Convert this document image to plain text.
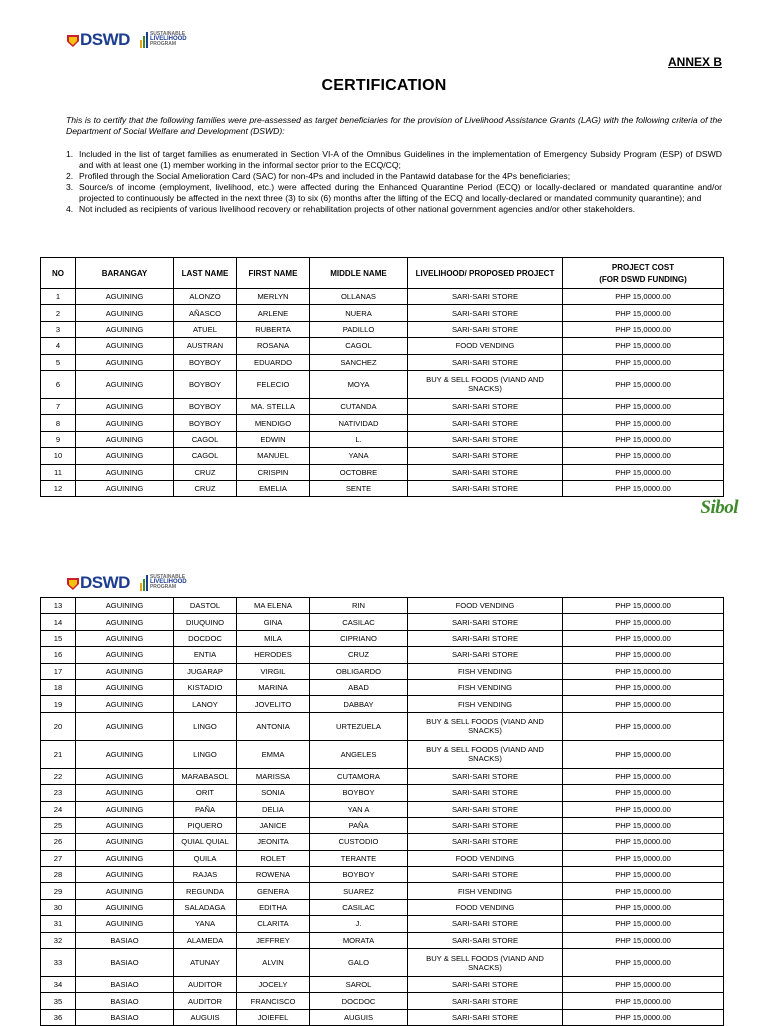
DSWD	SUSTAINABLE
LIVELIHOOD
PROGRAM
ANNEX B
CERTIFICATION
This is to certify that the following families were pre-assessed as target beneficiaries for the provision of Livelihood Assistance Grants (LAG) with the following criteria of the Department of Social Welfare and Development (DSWD):
1. Included in the list of target families as enumerated in Section VI-A of the Omnibus Guidelines in the implementation of Emergency Subsidy Program (ESP) of DSWD and with at least one (1) member working in the informal sector prior to the ECQ/CQ;
2. Profiled through the Social Amelioration Card (SAC) for non-4Ps and included in the Pantawid database for the 4Ps beneficiaries;
3. Source/s of income (employment, livelihood, etc.) were affected during the Enhanced Quarantine Period (ECQ) or locally-declared or mandated quarantine and/or projected to continuously be affected in the next three (3) to six (6) months after the lifting of the ECQ and locally-declared or mandated community quarantine); and
4. Not included as recipients of various livelihood recovery or rehabilitation projects of other national government agencies and/or other stakeholders.
NO	BARANGAY	LAST NAME	FIRST NAME	MIDDLE NAME	LIVELIHOOD/ PROPOSED PROJECT	PROJECT COST
(FOR DSWD FUNDING)

1	AGUINING	ALONZO	MERLYN	OLLANAS	SARI-SARI STORE	PHP 15,0000.00
2	AGUINING	AÑASCO	ARLENE	NUERA	SARI-SARI STORE	PHP 15,0000.00
3	AGUINING	ATUEL	RUBERTA	PADILLO	SARI-SARI STORE	PHP 15,0000.00
4	AGUINING	AUSTRAN	ROSANA	CAGOL	FOOD VENDING	PHP 15,0000.00
5	AGUINING	BOYBOY	EDUARDO	SANCHEZ	SARI-SARI STORE	PHP 15,0000.00
6	AGUINING	BOYBOY	FELECIO	MOYA	BUY & SELL FOODS (VIAND AND SNACKS)	PHP 15,0000.00
7	AGUINING	BOYBOY	MA. STELLA	CUTANDA	SARI-SARI STORE	PHP 15,0000.00
8	AGUINING	BOYBOY	MENDIGO	NATIVIDAD	SARI-SARI STORE	PHP 15,0000.00
9	AGUINING	CAGOL	EDWIN	L.	SARI-SARI STORE	PHP 15,0000.00
10	AGUINING	CAGOL	MANUEL	YANA	SARI-SARI STORE	PHP 15,0000.00
11	AGUINING	CRUZ	CRISPIN	OCTOBRE	SARI-SARI STORE	PHP 15,0000.00
12	AGUINING	CRUZ	EMELIA	SENTE	SARI-SARI STORE	PHP 15,0000.00
Sibol
DSWD	SUSTAINABLE
LIVELIHOOD
PROGRAM
13	AGUINING	DASTOL	MA ELENA	RIN	FOOD VENDING	PHP 15,0000.00
14	AGUINING	DIUQUINO	GINA	CASILAC	SARI-SARI STORE	PHP 15,0000.00
15	AGUINING	DOCDOC	MILA	CIPRIANO	SARI-SARI STORE	PHP 15,0000.00
16	AGUINING	ENTIA	HERODES	CRUZ	SARI-SARI STORE	PHP 15,0000.00
17	AGUINING	JUGARAP	VIRGIL	OBLIGARDO	FISH VENDING	PHP 15,0000.00
18	AGUINING	KISTADIO	MARINA	ABAD	FISH VENDING	PHP 15,0000.00
19	AGUINING	LANOY	JOVELITO	DABBAY	FISH VENDING	PHP 15,0000.00
20	AGUINING	LINGO	ANTONIA	URTEZUELA	BUY & SELL FOODS (VIAND AND SNACKS)	PHP 15,0000.00
21	AGUINING	LINGO	EMMA	ANGELES	BUY & SELL FOODS (VIAND AND SNACKS)	PHP 15,0000.00
22	AGUINING	MARABASOL	MARISSA	CUTAMORA	SARI-SARI STORE	PHP 15,0000.00
23	AGUINING	ORIT	SONIA	BOYBOY	SARI-SARI STORE	PHP 15,0000.00
24	AGUINING	PAÑA	DELIA	YAN A	SARI-SARI STORE	PHP 15,0000.00
25	AGUINING	PIQUERO	JANICE	PAÑA	SARI-SARI STORE	PHP 15,0000.00
26	AGUINING	QUIAL QUIAL	JEONITA	CUSTODIO	SARI-SARI STORE	PHP 15,0000.00
27	AGUINING	QUILA	ROLET	TERANTE	FOOD VENDING	PHP 15,0000.00
28	AGUINING	RAJAS	ROWENA	BOYBOY	SARI-SARI STORE	PHP 15,0000.00
29	AGUINING	REGUNDA	GENERA	SUAREZ	FISH VENDING	PHP 15,0000.00
30	AGUINING	SALADAGA	EDITHA	CASILAC	FOOD VENDING	PHP 15,0000.00
31	AGUINING	YANA	CLARITA	J.	SARI-SARI STORE	PHP 15,0000.00
32	BASIAO	ALAMEDA	JEFFREY	MORATA	SARI-SARI STORE	PHP 15,0000.00
33	BASIAO	ATUNAY	ALVIN	GALO	BUY & SELL FOODS (VIAND AND SNACKS)	PHP 15,0000.00
34	BASIAO	AUDITOR	JOCELY	SAROL	SARI-SARI STORE	PHP 15,0000.00
35	BASIAO	AUDITOR	FRANCISCO	DOCDOC	SARI-SARI STORE	PHP 15,0000.00
36	BASIAO	AUGUIS	JOIEFEL	AUGUIS	SARI-SARI STORE	PHP 15,0000.00
